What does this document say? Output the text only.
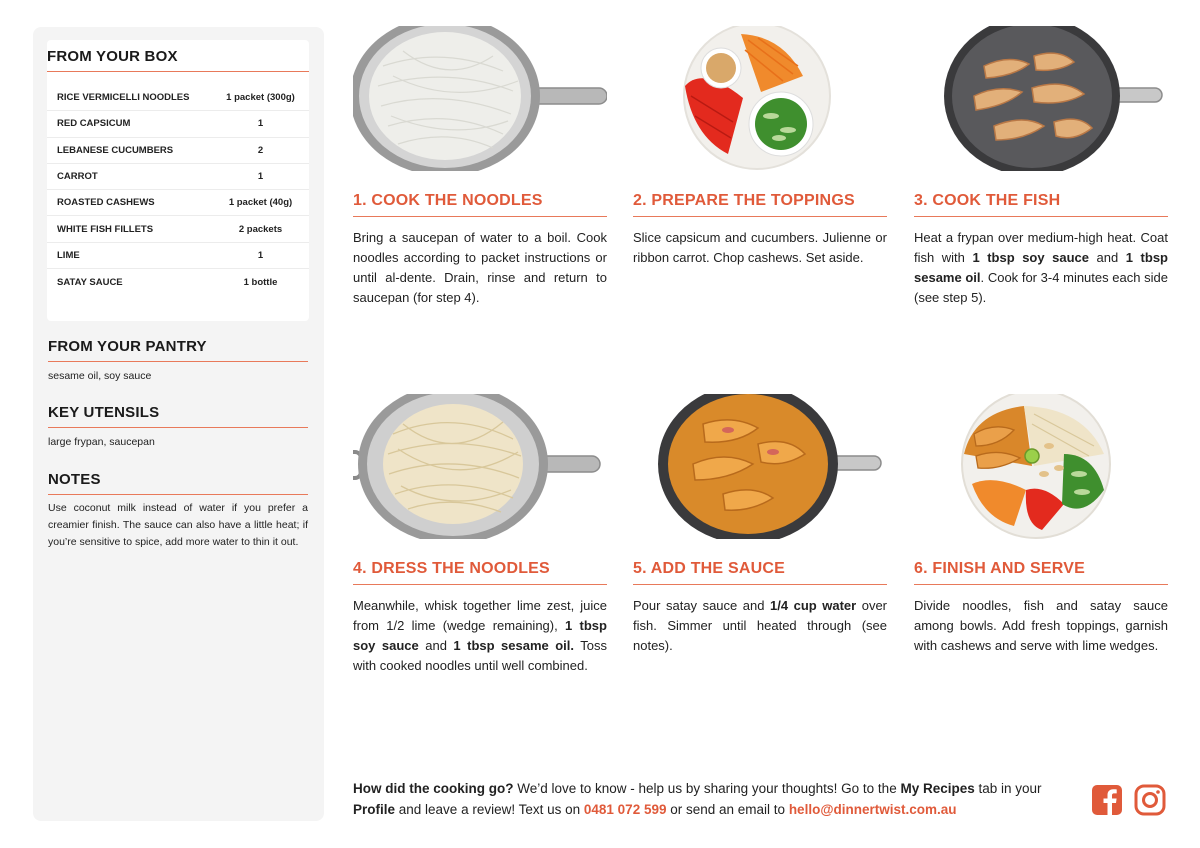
FROM YOUR BOX
RICE VERMICELLI NOODLES	1 packet (300g)
RED CAPSICUM	1
LEBANESE CUCUMBERS	2
CARROT	1
ROASTED CASHEWS	1 packet (40g)
WHITE FISH FILLETS	2 packets
LIME	1
SATAY SAUCE	1 bottle
FROM YOUR PANTRY
sesame oil, soy sauce
KEY UTENSILS
large frypan, saucepan
NOTES
Use coconut milk instead of water if you prefer a creamier finish. The sauce can also have a little heat; if you’re sensitive to spice, add more water to thin it out.
1. COOK THE NOODLES
Bring a saucepan of water to a boil. Cook noodles according to packet instructions or until al-dente. Drain, rinse and return to saucepan (for step 4).
2. PREPARE THE TOPPINGS
Slice capsicum and cucumbers. Julienne or ribbon carrot. Chop cashews. Set aside.
3. COOK THE FISH
Heat a frypan over medium-high heat. Coat fish with 1 tbsp soy sauce and 1 tbsp sesame oil. Cook for 3-4 minutes each side (see step 5).
4. DRESS THE NOODLES
Meanwhile, whisk together lime zest, juice from 1/2 lime (wedge remaining), 1 tbsp soy sauce and 1 tbsp sesame oil. Toss with cooked noodles until well combined.
5. ADD THE SAUCE
Pour satay sauce and 1/4 cup water over fish. Simmer until heated through (see notes).
6. FINISH AND SERVE
Divide noodles, fish and satay sauce among bowls. Add fresh toppings, garnish with cashews and serve with lime wedges.
How did the cooking go? We’d love to know - help us by sharing your thoughts! Go to the My Recipes tab in your Profile and leave a review! Text us on 0481 072 599 or send an email to hello@dinnertwist.com.au
